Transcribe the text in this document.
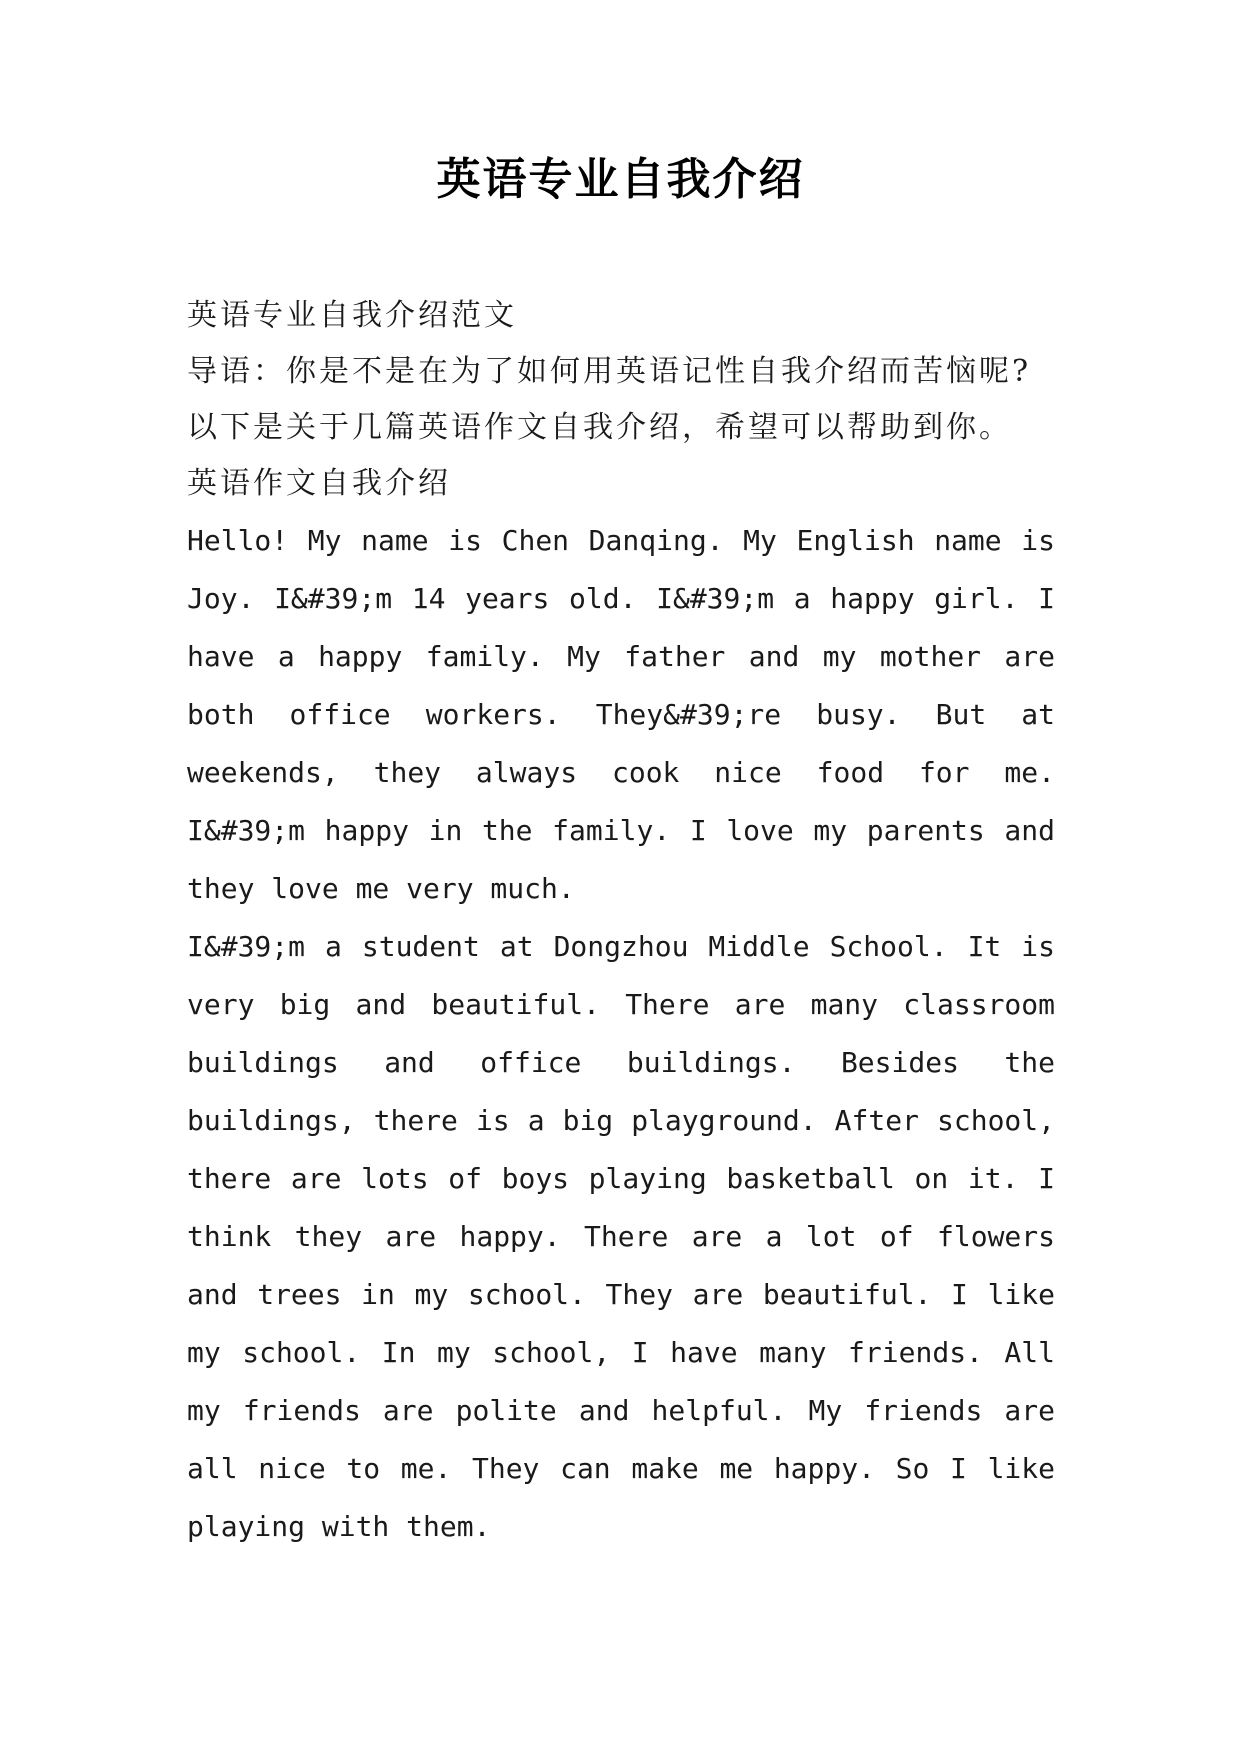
英语专业自我介绍

英语专业自我介绍范文

导语：你是不是在为了如何用英语记性自我介绍而苦恼呢?

以下是关于几篇英语作文自我介绍，希望可以帮助到你。

英语作文自我介绍

Hello! My name is Chen Danqing. My English name is Joy. I&#39;m 14 years old. I&#39;m a happy girl. I have a happy family. My father and my mother are both office workers. They&#39;re busy. But at weekends, they always cook nice food for me. I&#39;m happy in the family. I love my parents and they love me very much.

I&#39;m a student at Dongzhou Middle School. It is very big and beautiful. There are many classroom buildings and office buildings. Besides the buildings, there is a big playground. After school, there are lots of boys playing basketball on it. I think they are happy. There are a lot of flowers and trees in my school. They are beautiful. I like my school. In my school, I have many friends. All my friends are polite and helpful. My friends are all nice to me. They can make me happy. So I like playing with them.
